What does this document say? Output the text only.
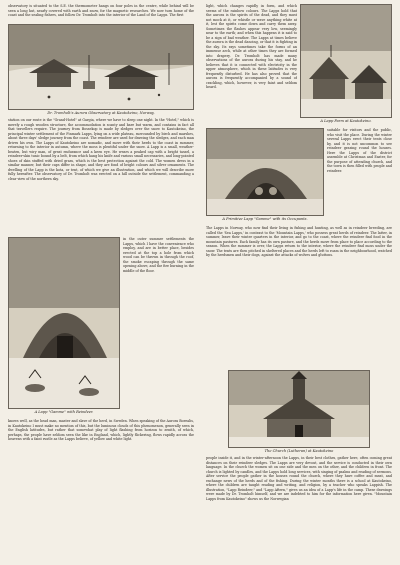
observatory is situated to the S.E. the thermometer hangs on four poles in the centre, while behind will be seen a long hut, nearly covered with earth and snow, for the magnetic researches. We now turn home of the coast and the sealing fishers, and follow Dr. Tromholt into the interior of the Land of the Lapps. The first

Dr. Tromholt's Aurora Observatory at Kautokeino, Norway.

station on our route is the "Grand-Hotel" at Gargia, where we have to sleep one night. In the "Hotel," which is merely a rough wooden structure, the accommodation is scanty and bare but warm, and contains in fact all that travellers require. The journey from Bossekop is made by sledges over the snow to Kautokeino, the principal winter settlement of the Finmark Lapps, lying on a wide plateau, surrounded by birch and marshes, about three days' sledge journey from the coast. The reindeer are used for drawing the sledges, and each man drives his own. The Lapps of Kautokeino are nomadic, and move with their herds to the coast in summer, returning to the interior in autumn, where the moss is plentiful under the snow. A Lapp is a small, weather-beaten, but wiry man, of great endurance and a keen eye. He wears a peaked cap with a bright tassel, a reindeer-skin tunic bound by a belt, from which hang his knife and various small necessaries, and long-pointed shoes of skin stuffed with dried grass, which is the best protection against the cold. The women dress in a similar manner, but their caps differ in shape, and they are fond of bright colours and silver ornaments. The dwelling of the Lapp is the kota, or tent, of which we give an illustration, and which we will describe more fully hereafter. The observatory of Dr. Tromholt was erected on a hill outside the settlement, commanding a clear view of the northern sky.

A Lapp "Gamme" with Reindeer.

in the outer summer settlements the Lapps, which I have the convenience who employ, and are in better place, besides erected at the top a hole from which wood can be thrown in through the roof, the smoke escaping through the same opening above, and the fire burning in the middle of the floor.

knows well, as the head man, master and slave of the herd, in Sweden. When speaking of the Aurora Borealis, in Kautokeino I must make no mention of this, but the luminous clouds of this phenomenon, generally seen in the English latitudes, but rather that somewhat play of light flashing from horizon to zenith, of which, perhaps, the people have seldom seen the like in England, which, lightly flickering, flows rapidly across the heavens with a faint rustle as the Lapps believe, of yellow and white light.

light, which changes rapidly in form, and which seems of the rainbow colours. The Lapps hold that the aurora is the spirits of the dead, and they must not mock at it, or whistle or wave anything white at it, lest the spirits come down and carry them away. Sometimes the flashes appear very low, seemingly near to the earth; and when this happens it is said to be a sign of bad weather. The Lapps at times believe the aurora is the dead dancing, or that it is fighting in the sky. Its rays sometimes take the forms of an immense arch, while at other times they are formed into drapery. Dr. Tromholt has made many observations of the aurora during his stay, and he believes that it is connected with electricity in the upper atmosphere, which in these latitudes is very frequently disturbed. He has also proved that the aurora is frequently accompanied by a sound of crackling, which, however, is very faint and seldom heard.

A Lapp Farm at Kautokeino.
A Primitive Lapp "Gamme" with its Occupants.

suitable for visitors and the public, who visit the place. During the winter several Lapps erect their tents close by, and it is not uncommon to see reindeer grazing round the houses. Here the Lapps of the district assemble at Christmas and Easter, for the purpose of attending church, and the town is then filled with people and reindeer.

The Lapps in Norway, who now find their living in fishing and hunting, as well as in reindeer breeding, are called the 'Sea Lapps,' in contrast to the 'Mountain Lapps,' who possess great herds of reindeer. The latter, in summer, leave their winter quarters in the interior, and go to the coast, where the reindeer find food in the mountain pastures. Each family has its own pasture, and the herds move from place to place according to the season. When the summer is over, the Lapps return to the interior, where the reindeer find moss under the snow. The tents are then pitched in sheltered places and the herds left to roam in the neighbourhood, watched by the herdsmen and their dogs, against the attacks of wolves and gluttons.

The Church (Lutheran) at Kautokeino

people inside it, and in the winter-afternoon the Lapps, in their best clothes, gather here, often coming great distances on their reindeer sledges. The Lapps are very devout, and the service is conducted in their own language. In the church the women sit on one side and the men on the other, and the children in front. The church is lighted by candles, and the Lapps hold long services, with singing of psalms and reading of sermons. After service the people gather in the houses round the church, where they have coffee and meat, and exchange news of the herds and of the fishing. During the winter months there is a school at Kautokeino, where the children are taught reading and writing, and religion, by a teacher who speaks Lappish. The illustration, "Lapp Reindeer," and "Lapp Aftern," gives us an idea of a Lapp's life in the camp. These drawings were made by Dr. Tromholt himself, and we are indebted to him for the information here given. "Mountain Lapps from Kautokeino" shows us the Norwegian
